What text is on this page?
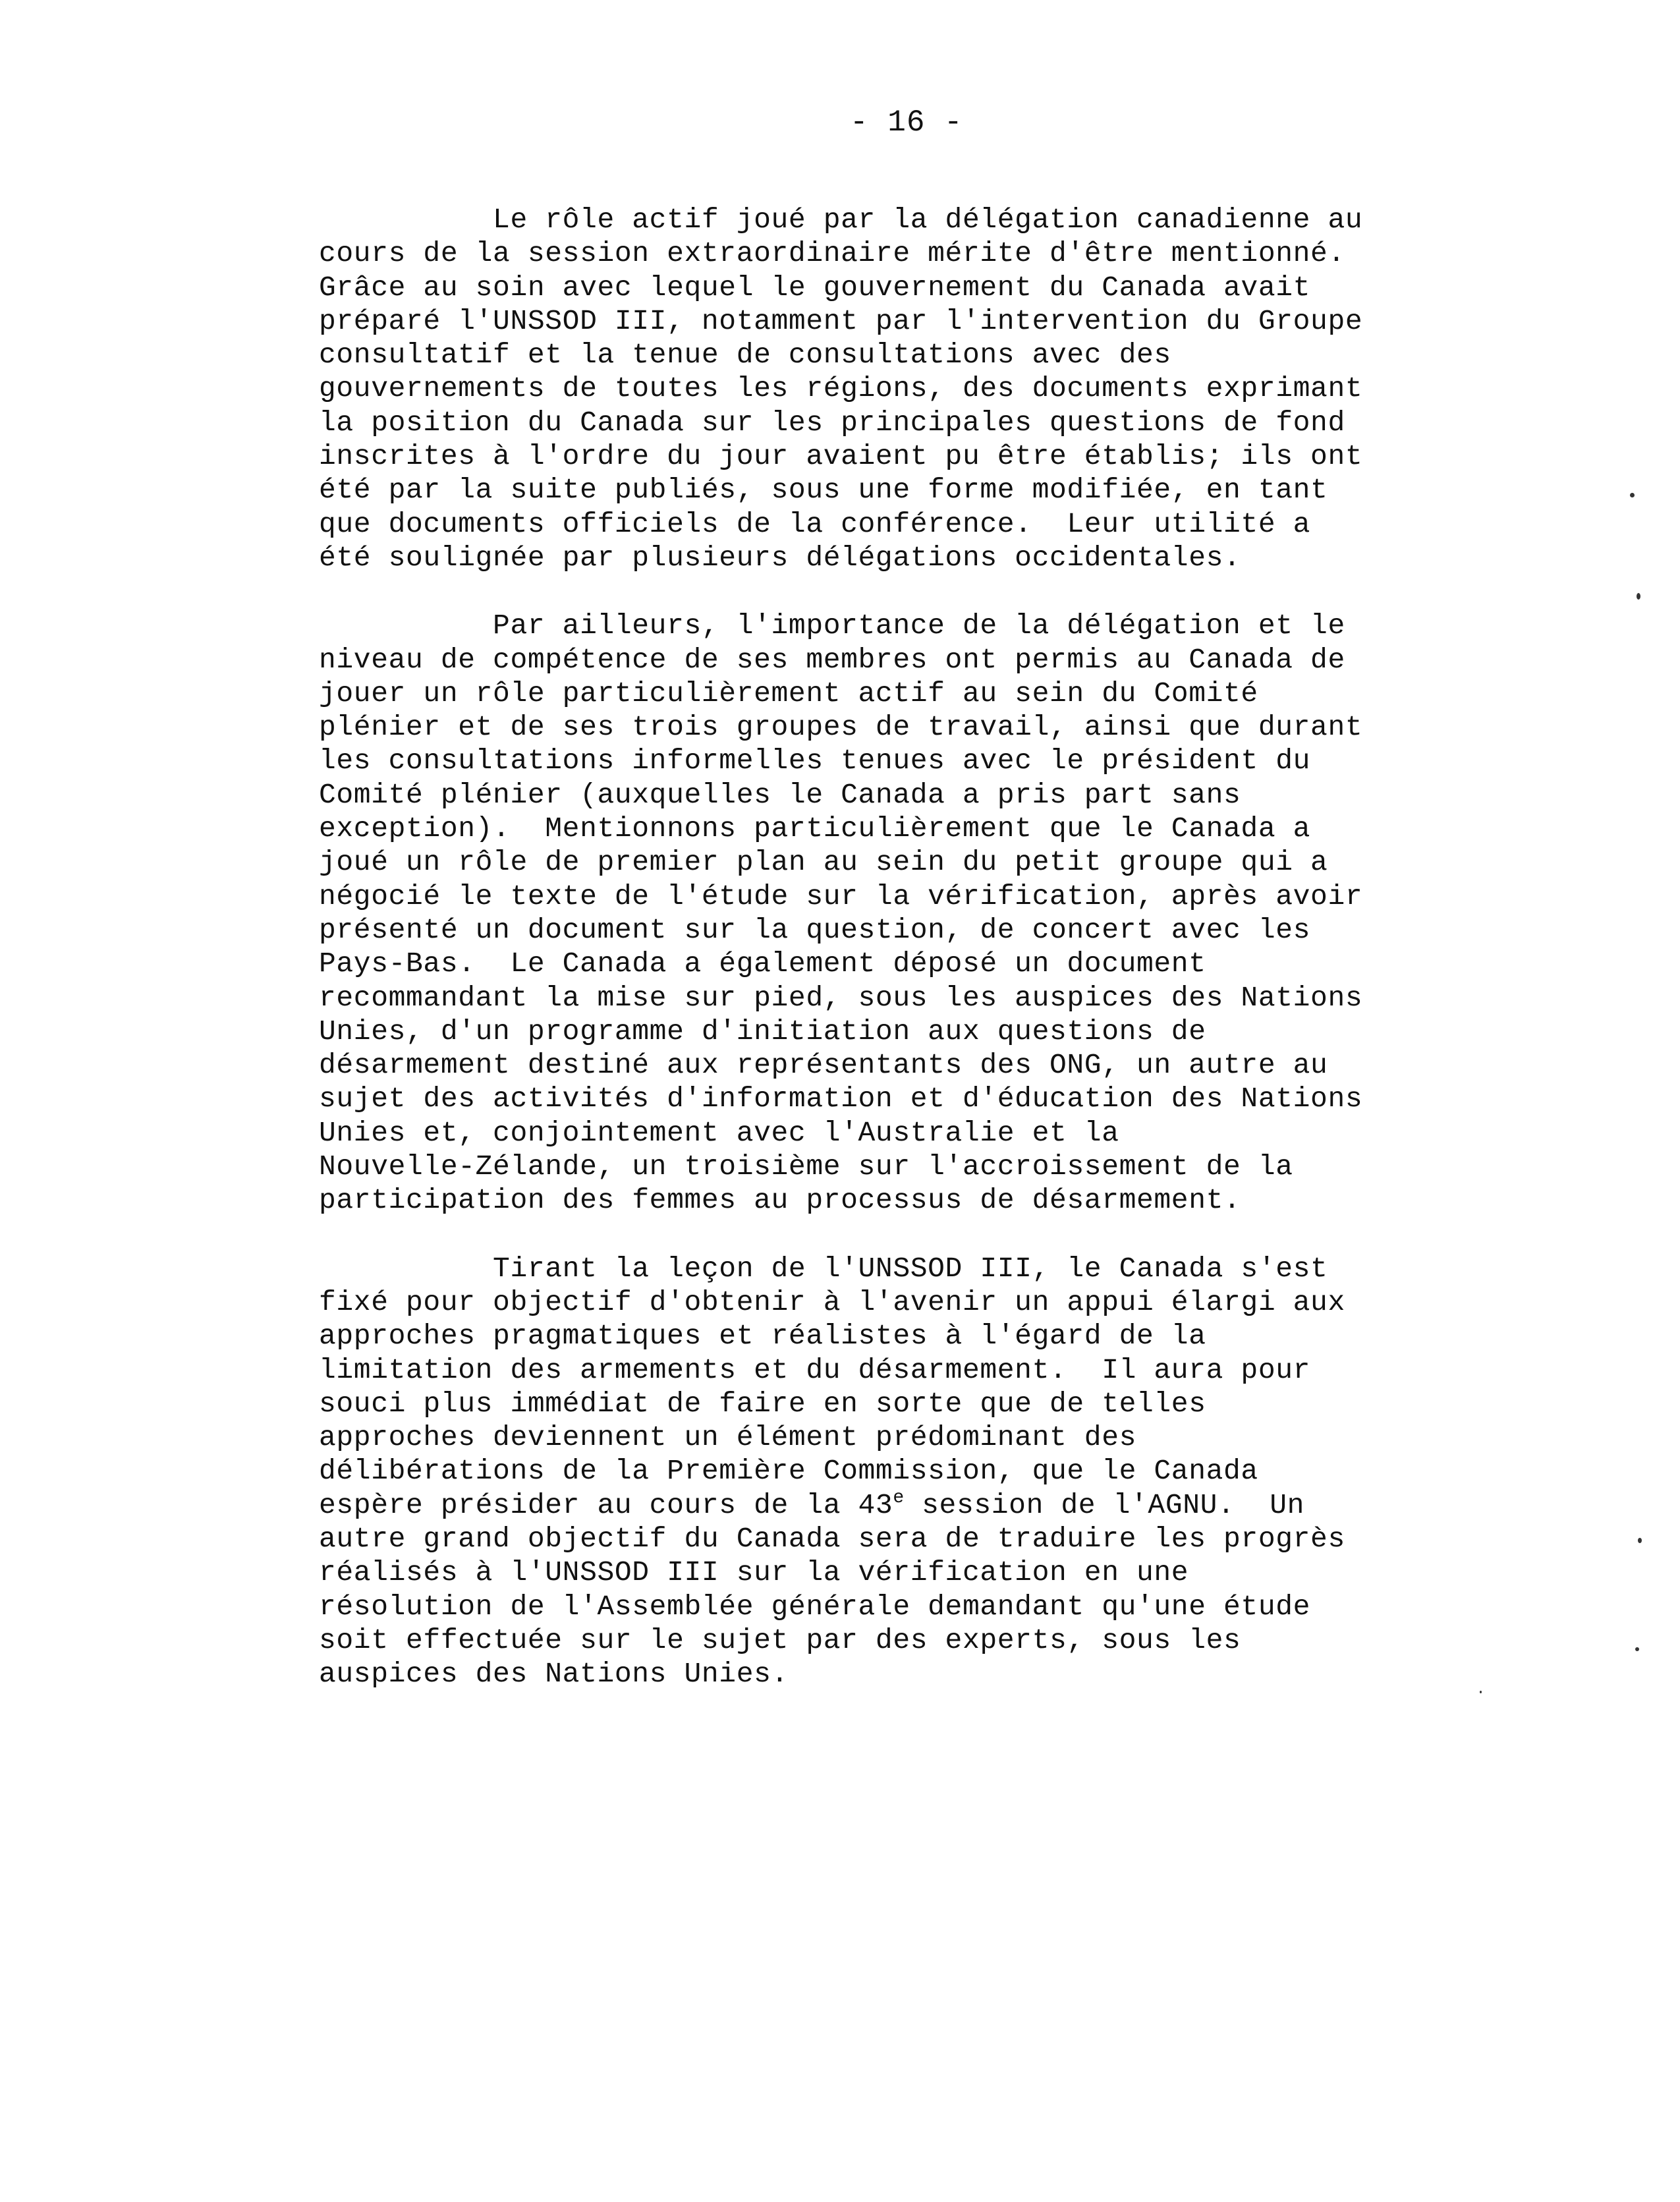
- 16 -
Le rôle actif joué par la délégation canadienne au
cours de la session extraordinaire mérite d'être mentionné.
Grâce au soin avec lequel le gouvernement du Canada avait
préparé l'UNSSOD III, notamment par l'intervention du Groupe
consultatif et la tenue de consultations avec des
gouvernements de toutes les régions, des documents exprimant
la position du Canada sur les principales questions de fond
inscrites à l'ordre du jour avaient pu être établis; ils ont
été par la suite publiés, sous une forme modifiée, en tant
que documents officiels de la conférence.  Leur utilité a
été soulignée par plusieurs délégations occidentales.
Par ailleurs, l'importance de la délégation et le
niveau de compétence de ses membres ont permis au Canada de
jouer un rôle particulièrement actif au sein du Comité
plénier et de ses trois groupes de travail, ainsi que durant
les consultations informelles tenues avec le président du
Comité plénier (auxquelles le Canada a pris part sans
exception).  Mentionnons particulièrement que le Canada a
joué un rôle de premier plan au sein du petit groupe qui a
négocié le texte de l'étude sur la vérification, après avoir
présenté un document sur la question, de concert avec les
Pays-Bas.  Le Canada a également déposé un document
recommandant la mise sur pied, sous les auspices des Nations
Unies, d'un programme d'initiation aux questions de
désarmement destiné aux représentants des ONG, un autre au
sujet des activités d'information et d'éducation des Nations
Unies et, conjointement avec l'Australie et la
Nouvelle-Zélande, un troisième sur l'accroissement de la
participation des femmes au processus de désarmement.
Tirant la leçon de l'UNSSOD III, le Canada s'est
fixé pour objectif d'obtenir à l'avenir un appui élargi aux
approches pragmatiques et réalistes à l'égard de la
limitation des armements et du désarmement.  Il aura pour
souci plus immédiat de faire en sorte que de telles
approches deviennent un élément prédominant des
délibérations de la Première Commission, que le Canada
espère présider au cours de la 43e session de l'AGNU.  Un
autre grand objectif du Canada sera de traduire les progrès
réalisés à l'UNSSOD III sur la vérification en une
résolution de l'Assemblée générale demandant qu'une étude
soit effectuée sur le sujet par des experts, sous les
auspices des Nations Unies.
